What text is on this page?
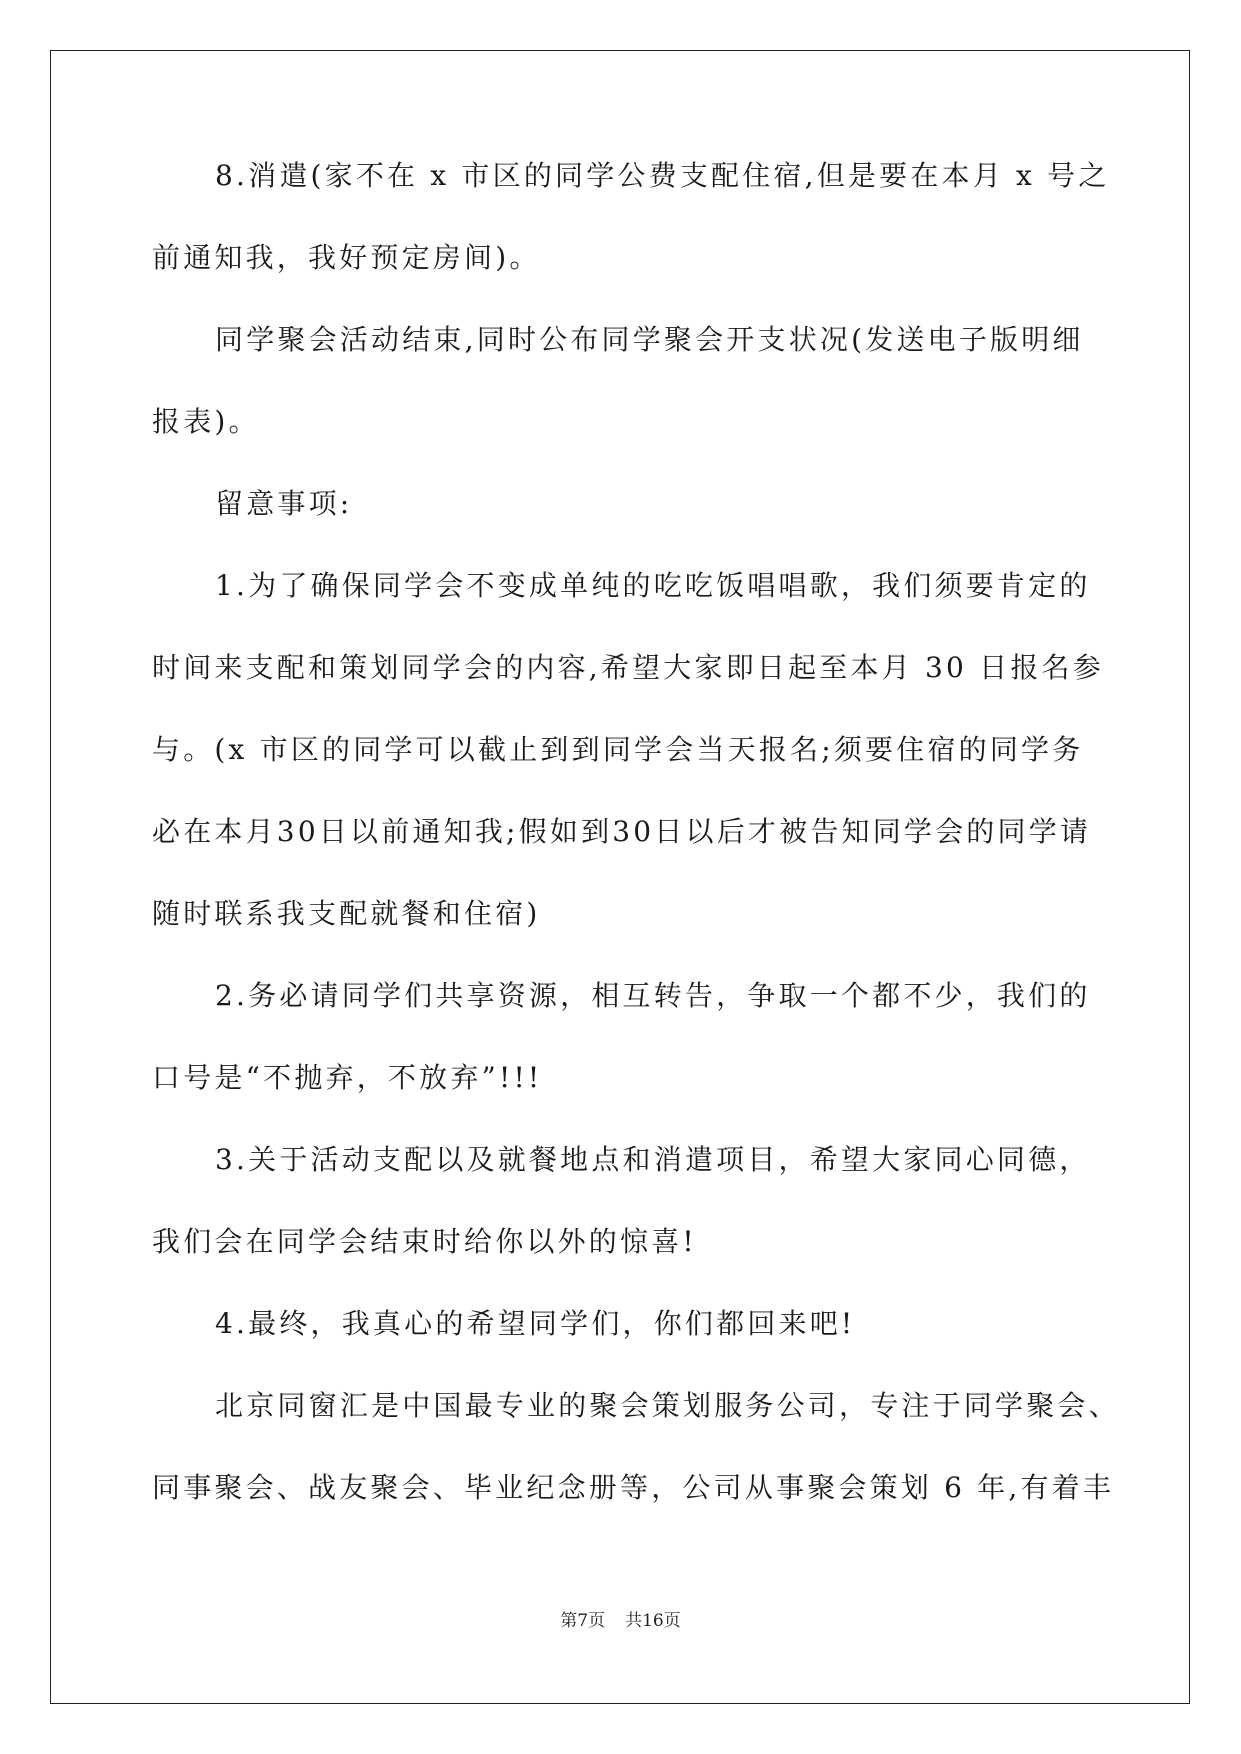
8.消遣(家不在 x 市区的同学公费支配住宿,但是要在本月 x 号之
前通知我，我好预定房间)。
同学聚会活动结束,同时公布同学聚会开支状况(发送电子版明细
报表)。
留意事项:
1.为了确保同学会不变成单纯的吃吃饭唱唱歌，我们须要肯定的
时间来支配和策划同学会的内容,希望大家即日起至本月 30 日报名参
与。(x 市区的同学可以截止到到同学会当天报名;须要住宿的同学务
必在本月30日以前通知我;假如到30日以后才被告知同学会的同学请
随时联系我支配就餐和住宿)
2.务必请同学们共享资源，相互转告，争取一个都不少，我们的
口号是“不抛弃，不放弃”!!!
3.关于活动支配以及就餐地点和消遣项目，希望大家同心同德，
我们会在同学会结束时给你以外的惊喜!
4.最终，我真心的希望同学们，你们都回来吧!
北京同窗汇是中国最专业的聚会策划服务公司，专注于同学聚会、
同事聚会、战友聚会、毕业纪念册等，公司从事聚会策划 6 年,有着丰
第7页 共16页
